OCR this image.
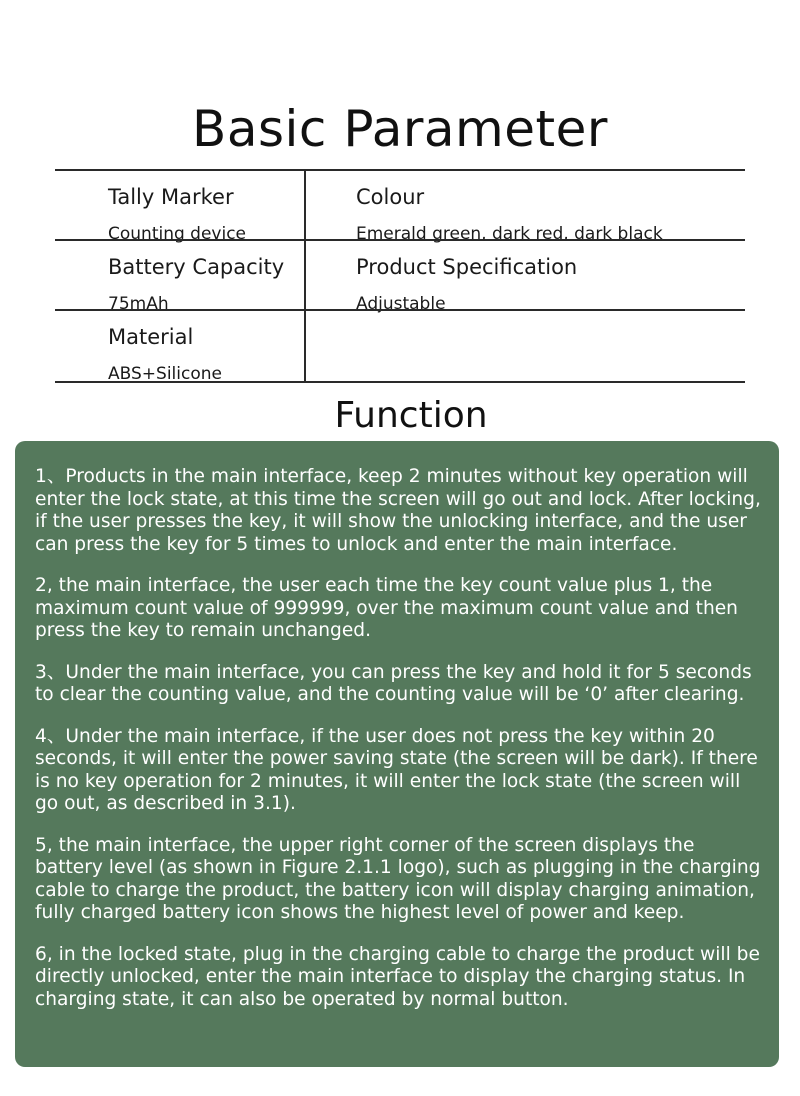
Basic Parameter
Tally Marker
Counting device
Colour
Emerald green, dark red, dark black
Battery Capacity
75mAh
Product Specification
Adjustable
Material
ABS+Silicone
Function

1、Products in the main interface, keep 2 minutes without key operation will enter the lock state, at this time the screen will go out and lock. After locking, if the user presses the key, it will show the unlocking interface, and the user can press the key for 5 times to unlock and enter the main interface.

2, the main interface, the user each time the key count value plus 1, the maximum count value of 999999, over the maximum count value and then press the key to remain unchanged.

3、Under the main interface, you can press the key and hold it for 5 seconds to clear the counting value, and the counting value will be ‘0’ after clearing.

4、Under the main interface, if the user does not press the key within 20 seconds, it will enter the power saving state (the screen will be dark). If there is no key operation for 2 minutes, it will enter the lock state (the screen will go out, as described in 3.1).

5, the main interface, the upper right corner of the screen displays the battery level (as shown in Figure 2.1.1 logo), such as plugging in the charging cable to charge the product, the battery icon will display charging animation, fully charged battery icon shows the highest level of power and keep.

6, in the locked state, plug in the charging cable to charge the product will be directly unlocked, enter the main interface to display the charging status. In charging state, it can also be operated by normal button.
